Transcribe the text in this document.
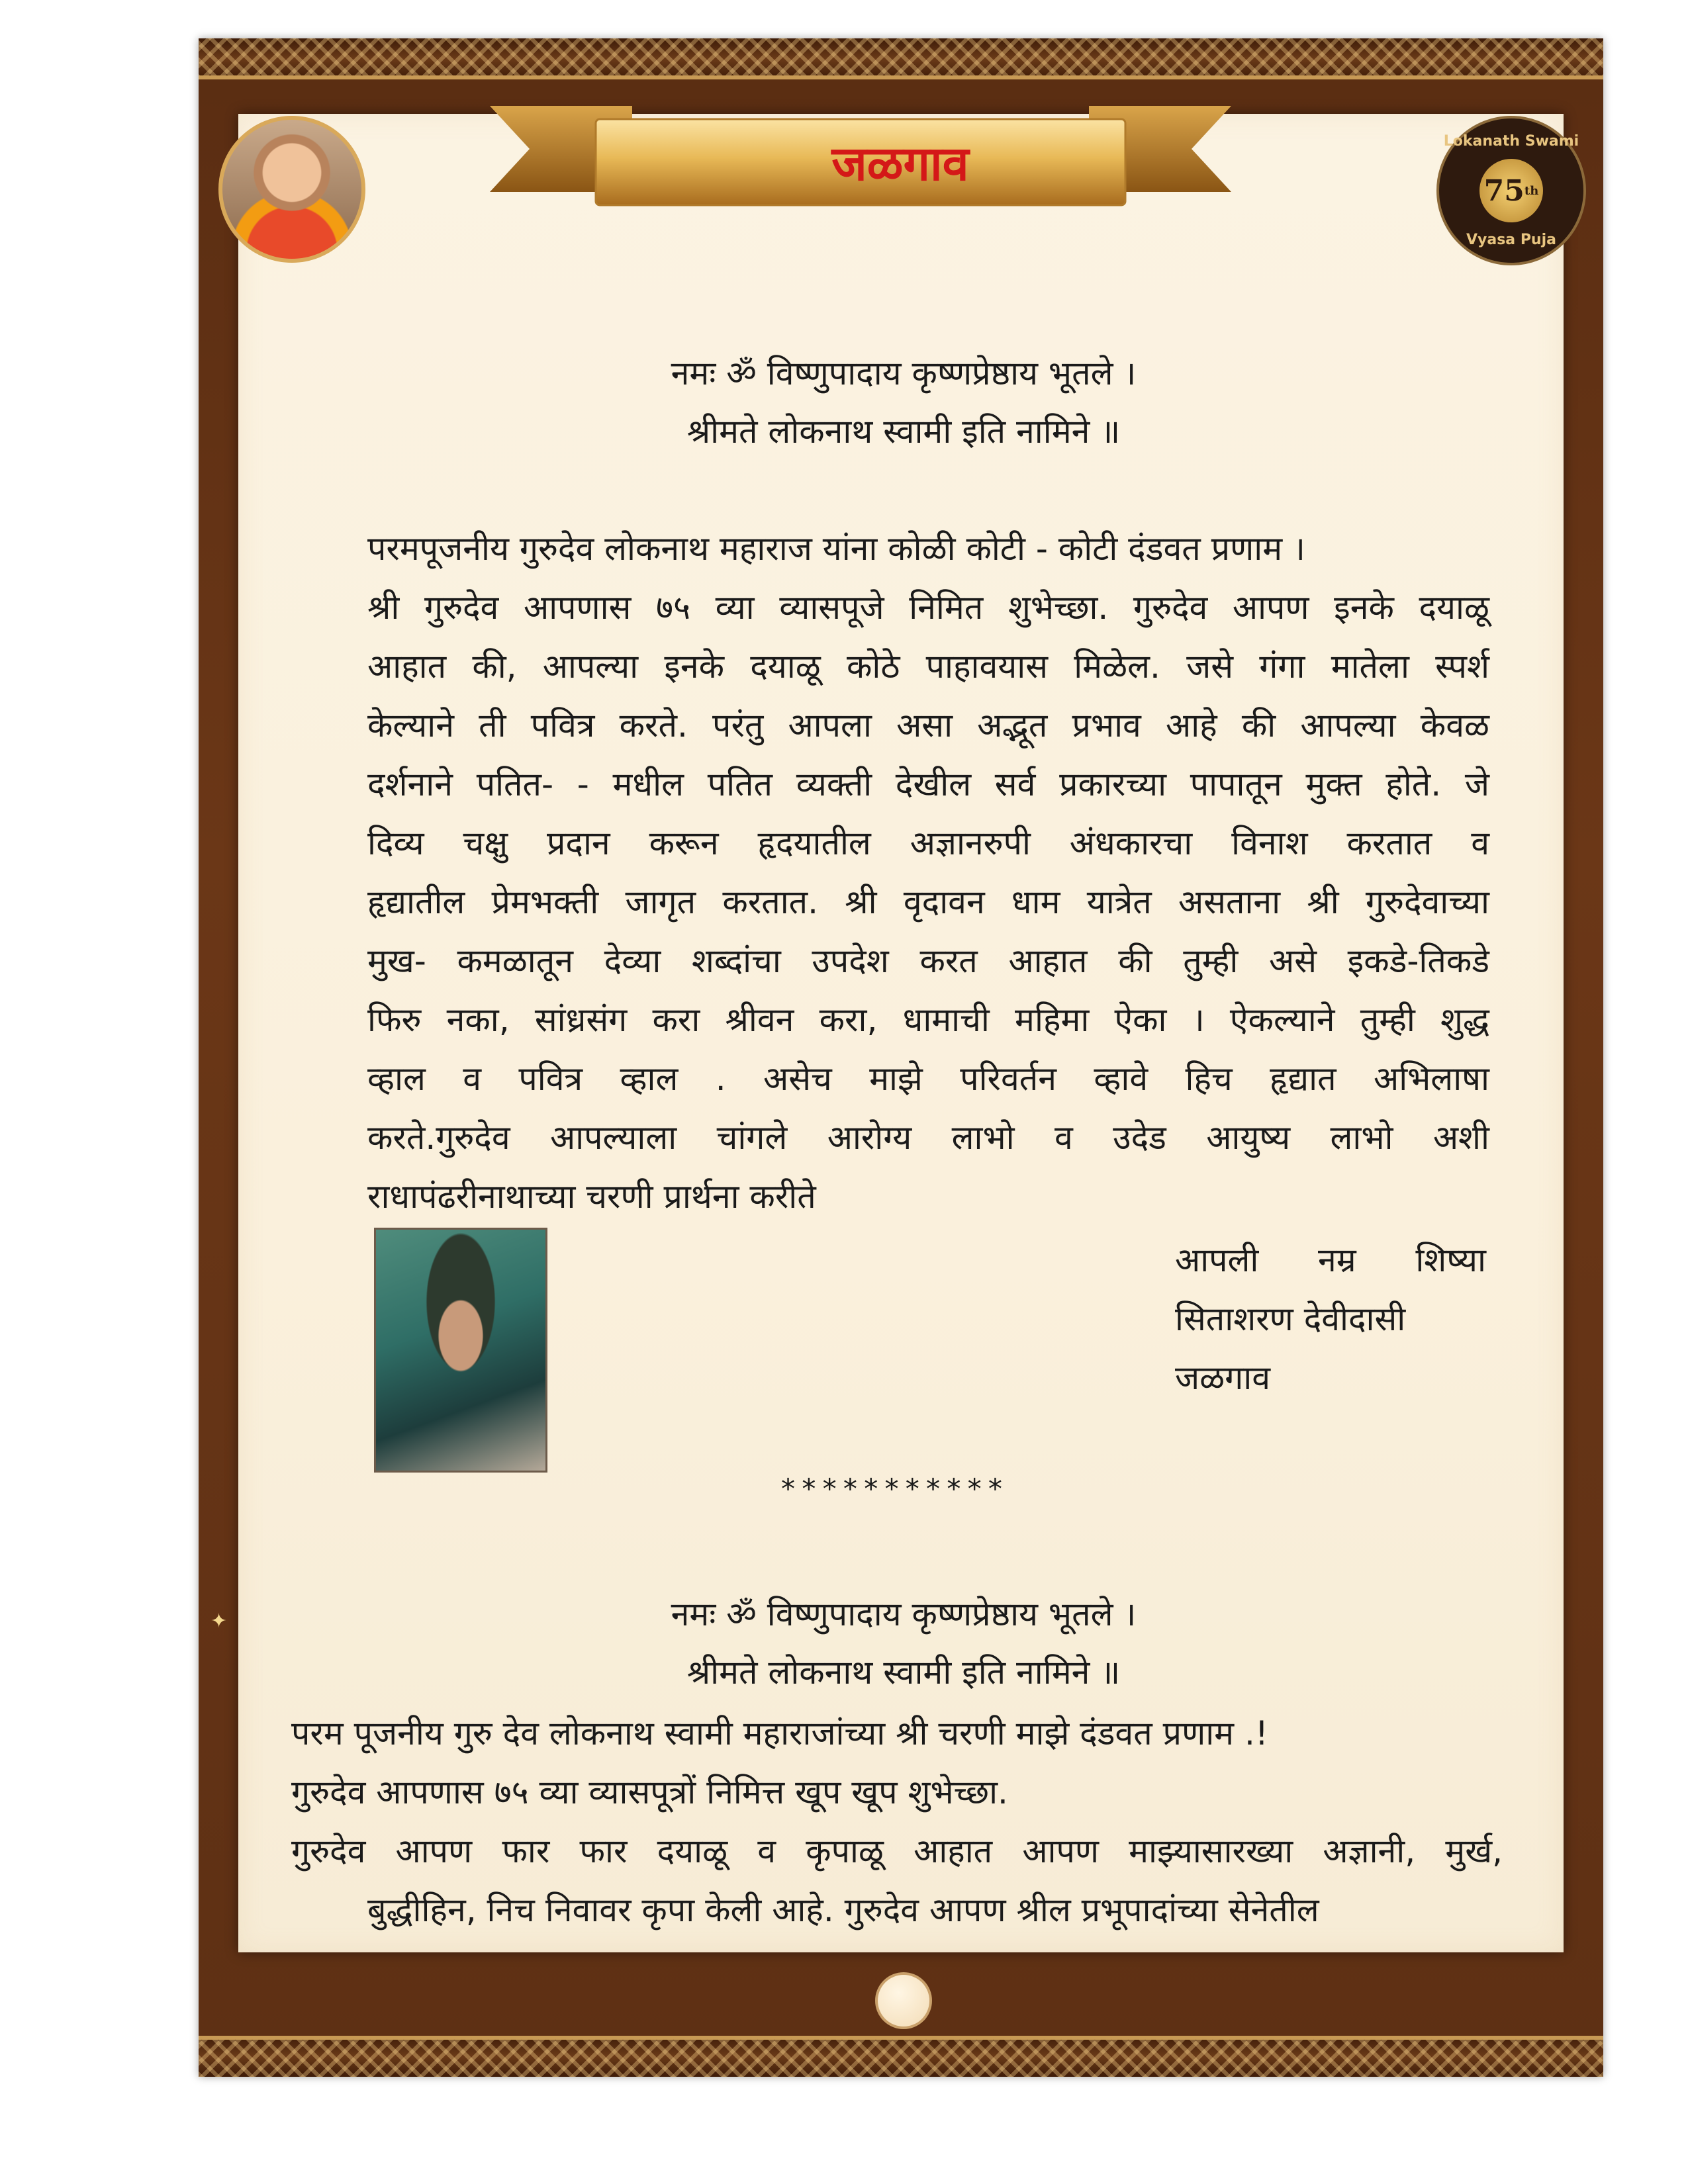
जळगाव	Lokanath Swami
75 th
Vyasa Puja
नमः ॐ विष्णुपादाय कृष्णप्रेष्ठाय भूतले ।
श्रीमते लोकनाथ स्वामी इति नामिने ॥
परमपूजनीय गुरुदेव लोकनाथ महाराज यांना कोळी कोटी - कोटी दंडवत प्रणाम ।
श्री गुरुदेव आपणास ७५ व्या व्यासपूजे निमित शुभेच्छा. गुरुदेव आपण इनके दयाळू
आहात की, आपल्या इनके दयाळू कोठे पाहावयास मिळेल. जसे गंगा मातेला स्पर्श
केल्याने ती पवित्र करते. परंतु आपला असा अद्भूत प्रभाव आहे की आपल्या केवळ
दर्शनाने पतित- - मधील पतित व्यक्ती देखील सर्व प्रकारच्या पापातून मुक्त होते. जे
दिव्य चक्षु प्रदान करून हृदयातील अज्ञानरुपी अंधकारचा विनाश करतात व
हृद्यातील प्रेमभक्ती जागृत करतात. श्री वृदावन धाम यात्रेत असताना श्री गुरुदेवाच्या
मुख- कमळातून देव्या शब्दांचा उपदेश करत आहात की तुम्ही असे इकडे-तिकडे
फिरु नका, सांध्रसंग करा श्रीवन करा, धामाची महिमा ऐका । ऐकल्याने तुम्ही शुद्ध
व्हाल व पवित्र व्हाल . असेच माझे परिवर्तन व्हावे हिच हृद्यात अभिलाषा
करते.गुरुदेव आपल्याला चांगले आरोग्य लाभो व उदेड आयुष्य लाभो अशी
राधापंढरीनाथाच्या चरणी प्रार्थना करीते
आपली नम्र शिष्या
सिताशरण देवीदासी
जळगाव
***********
नमः ॐ विष्णुपादाय कृष्णप्रेष्ठाय भूतले ।
श्रीमते लोकनाथ स्वामी इति नामिने ॥
परम पूजनीय गुरु देव लोकनाथ स्वामी महाराजांच्या श्री चरणी माझे दंडवत प्रणाम .!
गुरुदेव आपणास ७५ व्या व्यासपूत्रों निमित्त खूप खूप शुभेच्छा.
गुरुदेव आपण फार फार दयाळू व कृपाळू आहात आपण माझ्यासारख्या अज्ञानी, मुर्ख,
बुद्धीहिन, निच निवावर कृपा केली आहे. गुरुदेव आपण श्रील प्रभूपादांच्या सेनेतील
✦
